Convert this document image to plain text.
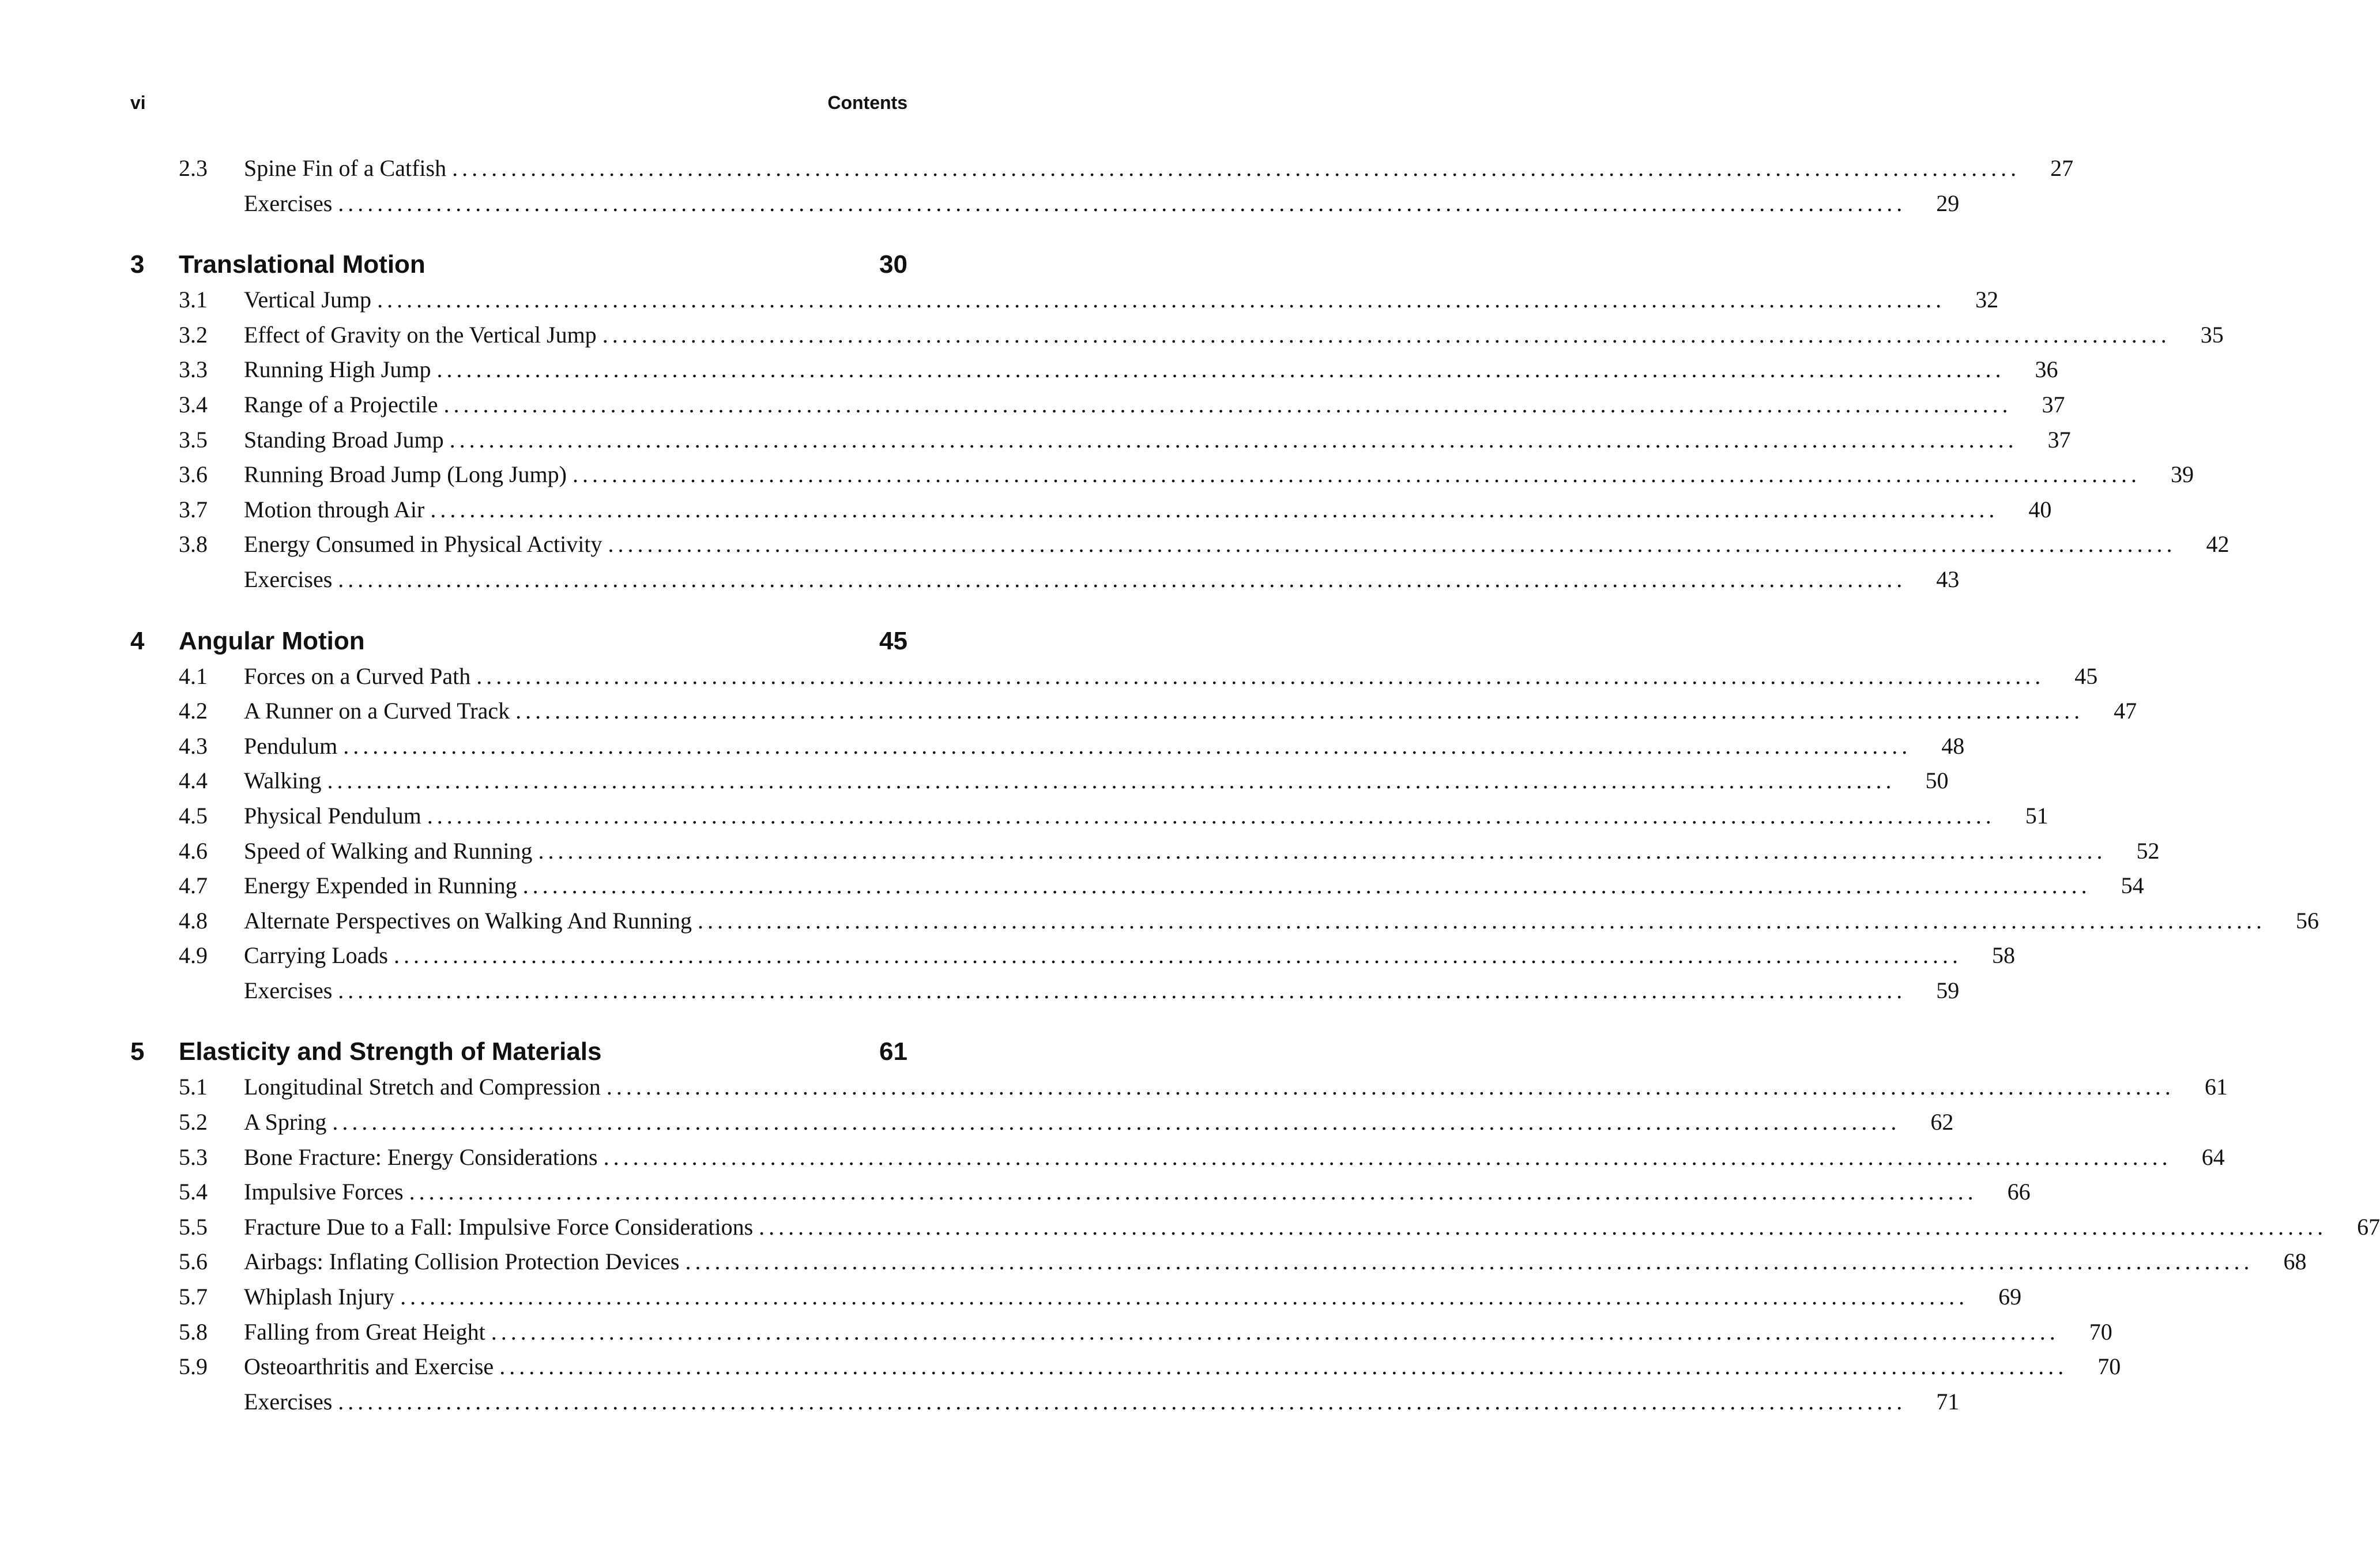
vi	Contents
2.3	Spine Fin of a Catfish ................................................................................................................................................................	27
Exercises ................................................................................................................................................................	29
3	Translational Motion	30
3.1	Vertical Jump ................................................................................................................................................................	32
3.2	Effect of Gravity on the Vertical Jump ................................................................................................................................................................	35
3.3	Running High Jump ................................................................................................................................................................	36
3.4	Range of a Projectile ................................................................................................................................................................	37
3.5	Standing Broad Jump ................................................................................................................................................................	37
3.6	Running Broad Jump (Long Jump) ................................................................................................................................................................	39
3.7	Motion through Air ................................................................................................................................................................	40
3.8	Energy Consumed in Physical Activity ................................................................................................................................................................	42
Exercises ................................................................................................................................................................	43
4	Angular Motion	45
4.1	Forces on a Curved Path ................................................................................................................................................................	45
4.2	A Runner on a Curved Track ................................................................................................................................................................	47
4.3	Pendulum ................................................................................................................................................................	48
4.4	Walking ................................................................................................................................................................	50
4.5	Physical Pendulum ................................................................................................................................................................	51
4.6	Speed of Walking and Running ................................................................................................................................................................	52
4.7	Energy Expended in Running ................................................................................................................................................................	54
4.8	Alternate Perspectives on Walking And Running ................................................................................................................................................................	56
4.9	Carrying Loads ................................................................................................................................................................	58
Exercises ................................................................................................................................................................	59
5	Elasticity and Strength of Materials	61
5.1	Longitudinal Stretch and Compression ................................................................................................................................................................	61
5.2	A Spring ................................................................................................................................................................	62
5.3	Bone Fracture: Energy Considerations ................................................................................................................................................................	64
5.4	Impulsive Forces ................................................................................................................................................................	66
5.5	Fracture Due to a Fall: Impulsive Force Considerations ................................................................................................................................................................	67
5.6	Airbags: Inflating Collision Protection Devices ................................................................................................................................................................	68
5.7	Whiplash Injury ................................................................................................................................................................	69
5.8	Falling from Great Height ................................................................................................................................................................	70
5.9	Osteoarthritis and Exercise ................................................................................................................................................................	70
Exercises ................................................................................................................................................................	71
